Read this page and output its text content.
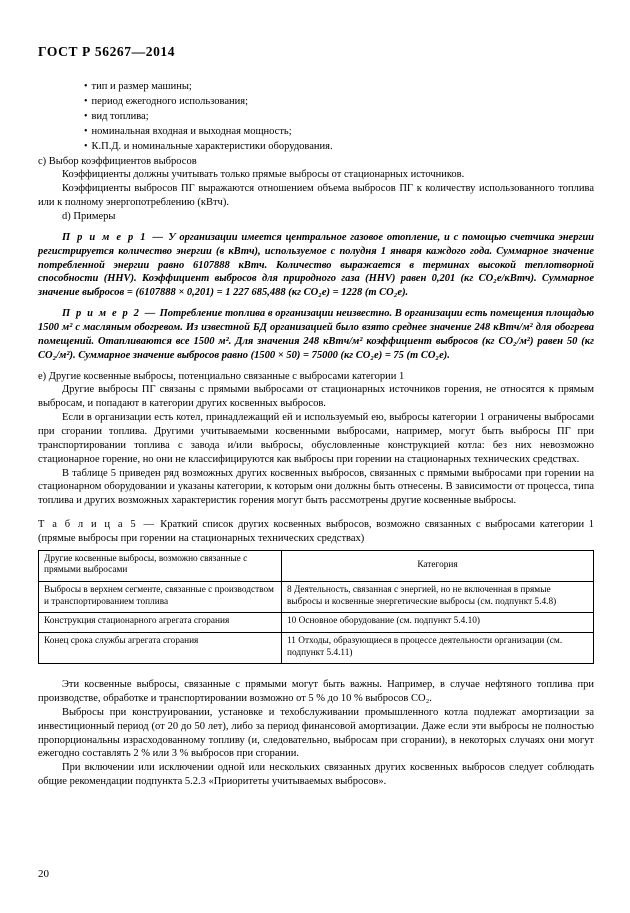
ГОСТ Р 56267—2014
• тип и размер машины;
• период ежегодного использования;
• вид топлива;
• номинальная входная и выходная мощность;
• К.П.Д. и номинальные характеристики оборудования.

c) Выбор коэффициентов выбросов

Коэффициенты должны учитывать только прямые выбросы от стационарных источников.

Коэффициенты выбросов ПГ выражаются отношением объема выбросов ПГ к количеству использованного топлива или к полному энергопотреблению (кВтч).

d) Примеры

П р и м е р 1 — У организации имеется центральное газовое отопление, и с помощью счетчика энергии регистрируется количество энергии (в кВтч), используемое с полудня 1 января каждого года. Суммарное значение потребленной энергии равно 6107888 кВтч. Количество выражается в терминах высокой теплотворной способности (HHV). Коэффициент выбросов для природного газа (HHV) равен 0,201 (кг CO₂e/кВтч). Суммарное значение выбросов = (6107888 × 0,201) = 1 227 685,488 (кг CO₂e) = 1228 (т CO₂e).

П р и м е р 2 — Потребление топлива в организации неизвестно. В организации есть помещения площадью 1500 м² с масляным обогревом. Из известной БД организацией было взято среднее значение 248 кВтч/м² для обогрева помещений. Отапливаются все 1500 м². Для значения 248 кВтч/м² коэффициент выбросов (кг CO₂/м²) равен 50 (кг CO₂/м²). Суммарное значение выбросов равно (1500 × 50) = 75000 (кг CO₂e) = 75 (т CO₂e).

e) Другие косвенные выбросы, потенциально связанные с выбросами категории 1

Другие выбросы ПГ связаны с прямыми выбросами от стационарных источников горения, не относятся к прямым выбросам, и попадают в категории других косвенных выбросов.

Если в организации есть котел, принадлежащий ей и используемый ею, выбросы категории 1 ограничены выбросами при сгорании топлива. Другими учитываемыми косвенными выбросами, например, могут быть выбросы ПГ при транспортировании топлива с завода и/или выбросы, обусловленные конструкцией котла: без них невозможно стационарное горение, но они не классифицируются как выбросы при горении на стационарных технических средствах.

В таблице 5 приведен ряд возможных других косвенных выбросов, связанных с прямыми выбросами при горении на стационарном оборудовании и указаны категории, к которым они должны быть отнесены. В зависимости от процесса, типа топлива и других возможных характеристик горения могут быть рассмотрены другие косвенные выбросы.

Т а б л и ц а 5 — Краткий список других косвенных выбросов, возможно связанных с выбросами категории 1 (прямые выбросы при горении на стационарных технических средствах)

Другие косвенные выбросы, возможно связанные с прямыми выбросами	Категория
Выбросы в верхнем сегменте, связанные с производством и транспортированием топлива	8 Деятельность, связанная с энергией, но не включенная в прямые выбросы и косвенные энергетические выбросы (см. подпункт 5.4.8)
Конструкция стационарного агрегата сгорания	10 Основное оборудование (см. подпункт 5.4.10)
Конец срока службы агрегата сгорания	11 Отходы, образующиеся в процессе деятельности организации (см. подпункт 5.4.11)

Эти косвенные выбросы, связанные с прямыми могут быть важны. Например, в случае нефтяного топлива при производстве, обработке и транспортировании возможно от 5 % до 10 % выбросов CO₂.

Выбросы при конструировании, установке и техобслуживании промышленного котла подлежат амортизации за инвестиционный период (от 20 до 50 лет), либо за период финансовой амортизации. Даже если эти выбросы не полностью пропорциональны израсходованному топливу (и, следовательно, выбросам при сгорании), в некоторых случаях они могут ежегодно составлять 2 % или 3 % выбросов при сгорании.

При включении или исключении одной или нескольких связанных других косвенных выбросов следует соблюдать общие рекомендации подпункта 5.2.3 «Приоритеты учитываемых выбросов».

20
